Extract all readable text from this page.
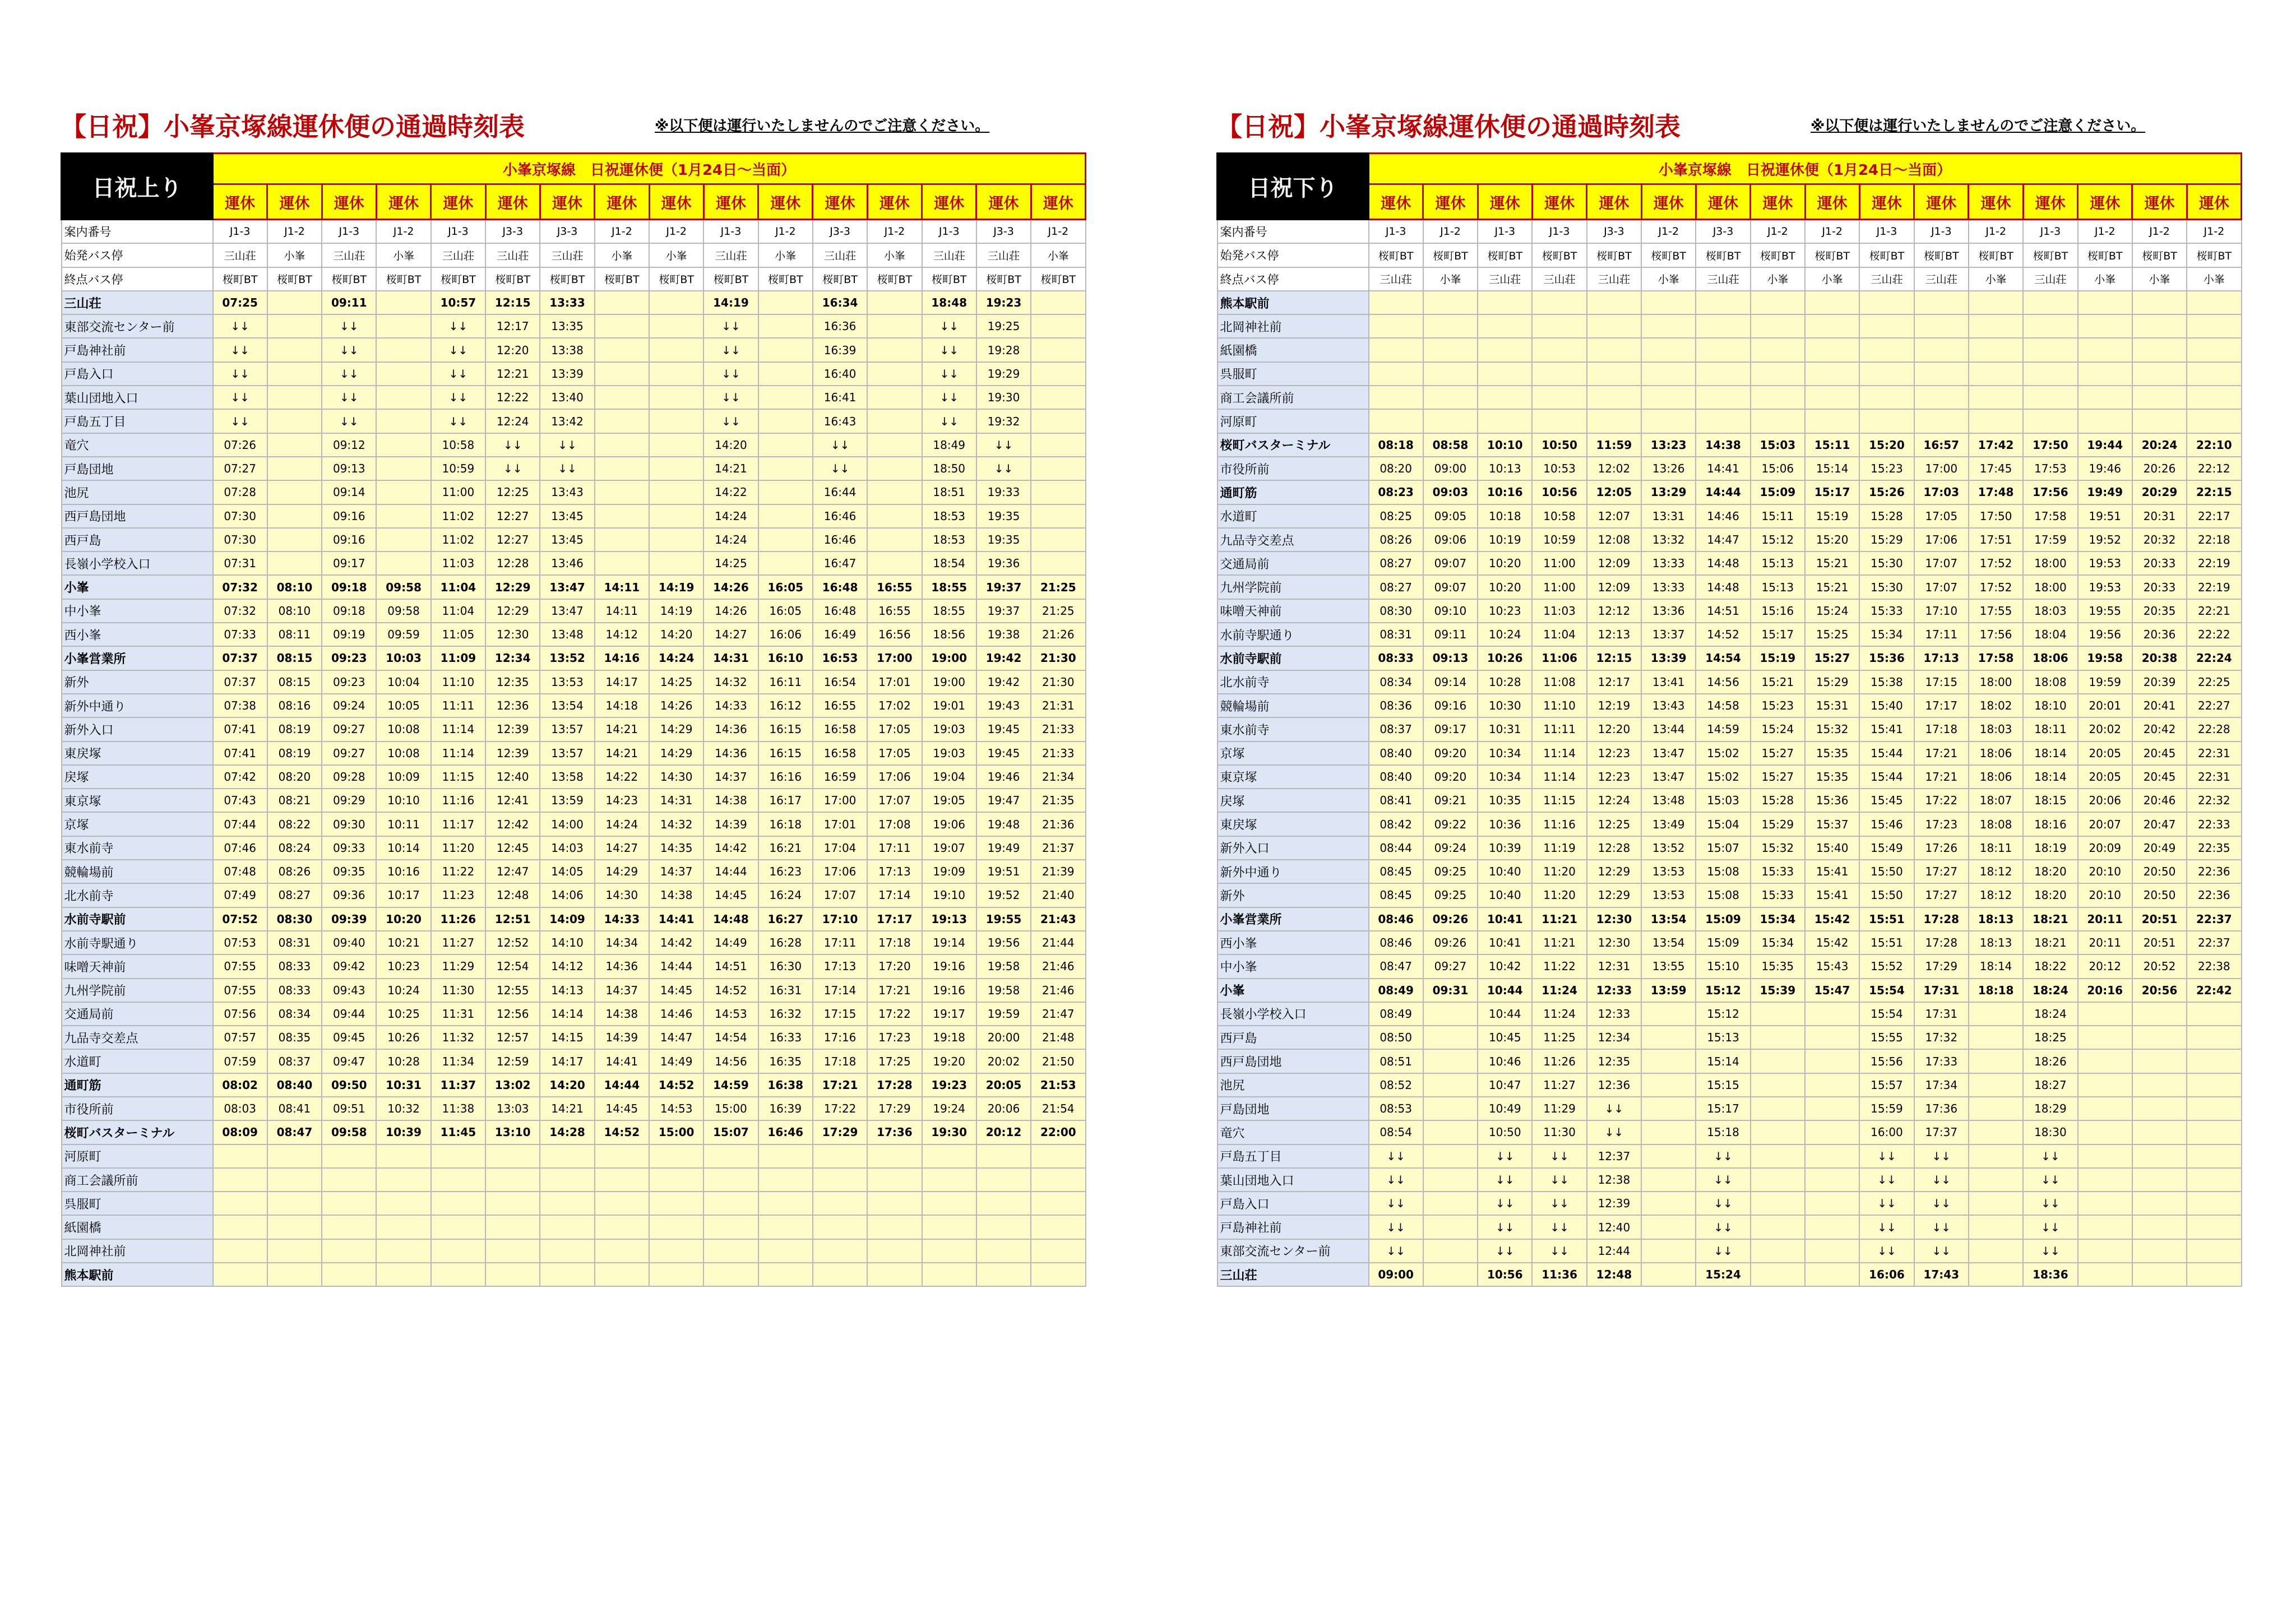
【日祝】小峯京塚線運休便の通過時刻表	※以下便は運行いたしませんのでご注意ください。
日祝上り	小峯京塚線　日祝運休便（1月24日～当面）															
	運休	運休	運休	運休	運休	運休	運休	運休	運休	運休	運休	運休	運休	運休	運休	運休
案内番号	J1-3	J1-2	J1-3	J1-2	J1-3	J3-3	J3-3	J1-2	J1-2	J1-3	J1-2	J3-3	J1-2	J1-3	J3-3	J1-2
始発バス停	三山荘	小峯	三山荘	小峯	三山荘	三山荘	三山荘	小峯	小峯	三山荘	小峯	三山荘	小峯	三山荘	三山荘	小峯
終点バス停	桜町BT	桜町BT	桜町BT	桜町BT	桜町BT	桜町BT	桜町BT	桜町BT	桜町BT	桜町BT	桜町BT	桜町BT	桜町BT	桜町BT	桜町BT	桜町BT
三山荘	07:25		09:11		10:57	12:15	13:33			14:19		16:34		18:48	19:23	
東部交流センター前	↓↓		↓↓		↓↓	12:17	13:35			↓↓		16:36		↓↓	19:25	
戸島神社前	↓↓		↓↓		↓↓	12:20	13:38			↓↓		16:39		↓↓	19:28	
戸島入口	↓↓		↓↓		↓↓	12:21	13:39			↓↓		16:40		↓↓	19:29	
葉山団地入口	↓↓		↓↓		↓↓	12:22	13:40			↓↓		16:41		↓↓	19:30	
戸島五丁目	↓↓		↓↓		↓↓	12:24	13:42			↓↓		16:43		↓↓	19:32	
竜穴	07:26		09:12		10:58	↓↓	↓↓			14:20		↓↓		18:49	↓↓	
戸島団地	07:27		09:13		10:59	↓↓	↓↓			14:21		↓↓		18:50	↓↓	
池尻	07:28		09:14		11:00	12:25	13:43			14:22		16:44		18:51	19:33	
西戸島団地	07:30		09:16		11:02	12:27	13:45			14:24		16:46		18:53	19:35	
西戸島	07:30		09:16		11:02	12:27	13:45			14:24		16:46		18:53	19:35	
長嶺小学校入口	07:31		09:17		11:03	12:28	13:46			14:25		16:47		18:54	19:36	
小峯	07:32	08:10	09:18	09:58	11:04	12:29	13:47	14:11	14:19	14:26	16:05	16:48	16:55	18:55	19:37	21:25
中小峯	07:32	08:10	09:18	09:58	11:04	12:29	13:47	14:11	14:19	14:26	16:05	16:48	16:55	18:55	19:37	21:25
西小峯	07:33	08:11	09:19	09:59	11:05	12:30	13:48	14:12	14:20	14:27	16:06	16:49	16:56	18:56	19:38	21:26
小峯営業所	07:37	08:15	09:23	10:03	11:09	12:34	13:52	14:16	14:24	14:31	16:10	16:53	17:00	19:00	19:42	21:30
新外	07:37	08:15	09:23	10:04	11:10	12:35	13:53	14:17	14:25	14:32	16:11	16:54	17:01	19:00	19:42	21:30
新外中通り	07:38	08:16	09:24	10:05	11:11	12:36	13:54	14:18	14:26	14:33	16:12	16:55	17:02	19:01	19:43	21:31
新外入口	07:41	08:19	09:27	10:08	11:14	12:39	13:57	14:21	14:29	14:36	16:15	16:58	17:05	19:03	19:45	21:33
東戻塚	07:41	08:19	09:27	10:08	11:14	12:39	13:57	14:21	14:29	14:36	16:15	16:58	17:05	19:03	19:45	21:33
戻塚	07:42	08:20	09:28	10:09	11:15	12:40	13:58	14:22	14:30	14:37	16:16	16:59	17:06	19:04	19:46	21:34
東京塚	07:43	08:21	09:29	10:10	11:16	12:41	13:59	14:23	14:31	14:38	16:17	17:00	17:07	19:05	19:47	21:35
京塚	07:44	08:22	09:30	10:11	11:17	12:42	14:00	14:24	14:32	14:39	16:18	17:01	17:08	19:06	19:48	21:36
東水前寺	07:46	08:24	09:33	10:14	11:20	12:45	14:03	14:27	14:35	14:42	16:21	17:04	17:11	19:07	19:49	21:37
競輪場前	07:48	08:26	09:35	10:16	11:22	12:47	14:05	14:29	14:37	14:44	16:23	17:06	17:13	19:09	19:51	21:39
北水前寺	07:49	08:27	09:36	10:17	11:23	12:48	14:06	14:30	14:38	14:45	16:24	17:07	17:14	19:10	19:52	21:40
水前寺駅前	07:52	08:30	09:39	10:20	11:26	12:51	14:09	14:33	14:41	14:48	16:27	17:10	17:17	19:13	19:55	21:43
水前寺駅通り	07:53	08:31	09:40	10:21	11:27	12:52	14:10	14:34	14:42	14:49	16:28	17:11	17:18	19:14	19:56	21:44
味噌天神前	07:55	08:33	09:42	10:23	11:29	12:54	14:12	14:36	14:44	14:51	16:30	17:13	17:20	19:16	19:58	21:46
九州学院前	07:55	08:33	09:43	10:24	11:30	12:55	14:13	14:37	14:45	14:52	16:31	17:14	17:21	19:16	19:58	21:46
交通局前	07:56	08:34	09:44	10:25	11:31	12:56	14:14	14:38	14:46	14:53	16:32	17:15	17:22	19:17	19:59	21:47
九品寺交差点	07:57	08:35	09:45	10:26	11:32	12:57	14:15	14:39	14:47	14:54	16:33	17:16	17:23	19:18	20:00	21:48
水道町	07:59	08:37	09:47	10:28	11:34	12:59	14:17	14:41	14:49	14:56	16:35	17:18	17:25	19:20	20:02	21:50
通町筋	08:02	08:40	09:50	10:31	11:37	13:02	14:20	14:44	14:52	14:59	16:38	17:21	17:28	19:23	20:05	21:53
市役所前	08:03	08:41	09:51	10:32	11:38	13:03	14:21	14:45	14:53	15:00	16:39	17:22	17:29	19:24	20:06	21:54
桜町バスターミナル	08:09	08:47	09:58	10:39	11:45	13:10	14:28	14:52	15:00	15:07	16:46	17:29	17:36	19:30	20:12	22:00
河原町																
商工会議所前																
呉服町																
紙園橋																
北岡神社前																
熊本駅前																
【日祝】小峯京塚線運休便の通過時刻表	※以下便は運行いたしませんのでご注意ください。
日祝下り	小峯京塚線　日祝運休便（1月24日～当面）															
	運休	運休	運休	運休	運休	運休	運休	運休	運休	運休	運休	運休	運休	運休	運休	運休
案内番号	J1-3	J1-2	J1-3	J1-3	J3-3	J1-2	J3-3	J1-2	J1-2	J1-3	J1-3	J1-2	J1-3	J1-2	J1-2	J1-2
始発バス停	桜町BT	桜町BT	桜町BT	桜町BT	桜町BT	桜町BT	桜町BT	桜町BT	桜町BT	桜町BT	桜町BT	桜町BT	桜町BT	桜町BT	桜町BT	桜町BT
終点バス停	三山荘	小峯	三山荘	三山荘	三山荘	小峯	三山荘	小峯	小峯	三山荘	三山荘	小峯	三山荘	小峯	小峯	小峯
熊本駅前																
北岡神社前																
紙園橋																
呉服町																
商工会議所前																
河原町																
桜町バスターミナル	08:18	08:58	10:10	10:50	11:59	13:23	14:38	15:03	15:11	15:20	16:57	17:42	17:50	19:44	20:24	22:10
市役所前	08:20	09:00	10:13	10:53	12:02	13:26	14:41	15:06	15:14	15:23	17:00	17:45	17:53	19:46	20:26	22:12
通町筋	08:23	09:03	10:16	10:56	12:05	13:29	14:44	15:09	15:17	15:26	17:03	17:48	17:56	19:49	20:29	22:15
水道町	08:25	09:05	10:18	10:58	12:07	13:31	14:46	15:11	15:19	15:28	17:05	17:50	17:58	19:51	20:31	22:17
九品寺交差点	08:26	09:06	10:19	10:59	12:08	13:32	14:47	15:12	15:20	15:29	17:06	17:51	17:59	19:52	20:32	22:18
交通局前	08:27	09:07	10:20	11:00	12:09	13:33	14:48	15:13	15:21	15:30	17:07	17:52	18:00	19:53	20:33	22:19
九州学院前	08:27	09:07	10:20	11:00	12:09	13:33	14:48	15:13	15:21	15:30	17:07	17:52	18:00	19:53	20:33	22:19
味噌天神前	08:30	09:10	10:23	11:03	12:12	13:36	14:51	15:16	15:24	15:33	17:10	17:55	18:03	19:55	20:35	22:21
水前寺駅通り	08:31	09:11	10:24	11:04	12:13	13:37	14:52	15:17	15:25	15:34	17:11	17:56	18:04	19:56	20:36	22:22
水前寺駅前	08:33	09:13	10:26	11:06	12:15	13:39	14:54	15:19	15:27	15:36	17:13	17:58	18:06	19:58	20:38	22:24
北水前寺	08:34	09:14	10:28	11:08	12:17	13:41	14:56	15:21	15:29	15:38	17:15	18:00	18:08	19:59	20:39	22:25
競輪場前	08:36	09:16	10:30	11:10	12:19	13:43	14:58	15:23	15:31	15:40	17:17	18:02	18:10	20:01	20:41	22:27
東水前寺	08:37	09:17	10:31	11:11	12:20	13:44	14:59	15:24	15:32	15:41	17:18	18:03	18:11	20:02	20:42	22:28
京塚	08:40	09:20	10:34	11:14	12:23	13:47	15:02	15:27	15:35	15:44	17:21	18:06	18:14	20:05	20:45	22:31
東京塚	08:40	09:20	10:34	11:14	12:23	13:47	15:02	15:27	15:35	15:44	17:21	18:06	18:14	20:05	20:45	22:31
戻塚	08:41	09:21	10:35	11:15	12:24	13:48	15:03	15:28	15:36	15:45	17:22	18:07	18:15	20:06	20:46	22:32
東戻塚	08:42	09:22	10:36	11:16	12:25	13:49	15:04	15:29	15:37	15:46	17:23	18:08	18:16	20:07	20:47	22:33
新外入口	08:44	09:24	10:39	11:19	12:28	13:52	15:07	15:32	15:40	15:49	17:26	18:11	18:19	20:09	20:49	22:35
新外中通り	08:45	09:25	10:40	11:20	12:29	13:53	15:08	15:33	15:41	15:50	17:27	18:12	18:20	20:10	20:50	22:36
新外	08:45	09:25	10:40	11:20	12:29	13:53	15:08	15:33	15:41	15:50	17:27	18:12	18:20	20:10	20:50	22:36
小峯営業所	08:46	09:26	10:41	11:21	12:30	13:54	15:09	15:34	15:42	15:51	17:28	18:13	18:21	20:11	20:51	22:37
西小峯	08:46	09:26	10:41	11:21	12:30	13:54	15:09	15:34	15:42	15:51	17:28	18:13	18:21	20:11	20:51	22:37
中小峯	08:47	09:27	10:42	11:22	12:31	13:55	15:10	15:35	15:43	15:52	17:29	18:14	18:22	20:12	20:52	22:38
小峯	08:49	09:31	10:44	11:24	12:33	13:59	15:12	15:39	15:47	15:54	17:31	18:18	18:24	20:16	20:56	22:42
長嶺小学校入口	08:49		10:44	11:24	12:33		15:12			15:54	17:31		18:24			
西戸島	08:50		10:45	11:25	12:34		15:13			15:55	17:32		18:25			
西戸島団地	08:51		10:46	11:26	12:35		15:14			15:56	17:33		18:26			
池尻	08:52		10:47	11:27	12:36		15:15			15:57	17:34		18:27			
戸島団地	08:53		10:49	11:29	↓↓		15:17			15:59	17:36		18:29			
竜穴	08:54		10:50	11:30	↓↓		15:18			16:00	17:37		18:30			
戸島五丁目	↓↓		↓↓	↓↓	12:37		↓↓			↓↓	↓↓		↓↓			
葉山団地入口	↓↓		↓↓	↓↓	12:38		↓↓			↓↓	↓↓		↓↓			
戸島入口	↓↓		↓↓	↓↓	12:39		↓↓			↓↓	↓↓		↓↓			
戸島神社前	↓↓		↓↓	↓↓	12:40		↓↓			↓↓	↓↓		↓↓			
東部交流センター前	↓↓		↓↓	↓↓	12:44		↓↓			↓↓	↓↓		↓↓			
三山荘	09:00		10:56	11:36	12:48		15:24			16:06	17:43		18:36			
